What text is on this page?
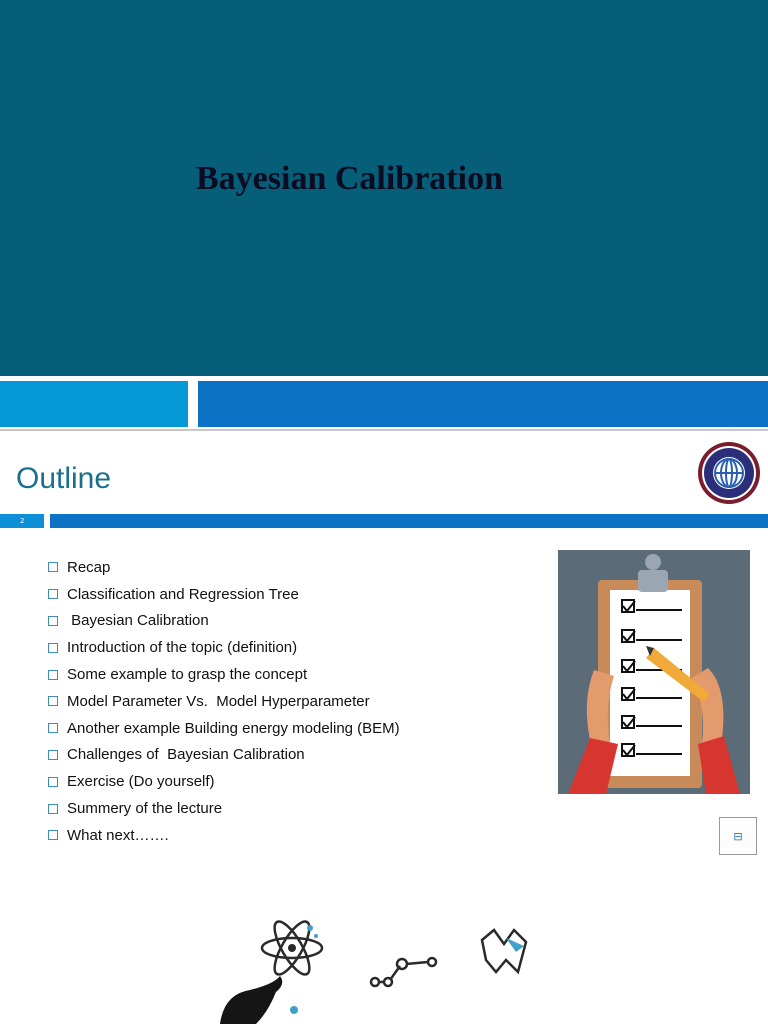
Bayesian Calibration
Outline
2
Recap
Classification and Regression Tree
Bayesian Calibration
Introduction of the topic (definition)
Some example to grasp the concept
Model Parameter Vs.  Model Hyperparameter
Another example Building energy modeling (BEM)
Challenges of  Bayesian Calibration
Exercise (Do yourself)
Summery of the lecture
What next…….	⊟
